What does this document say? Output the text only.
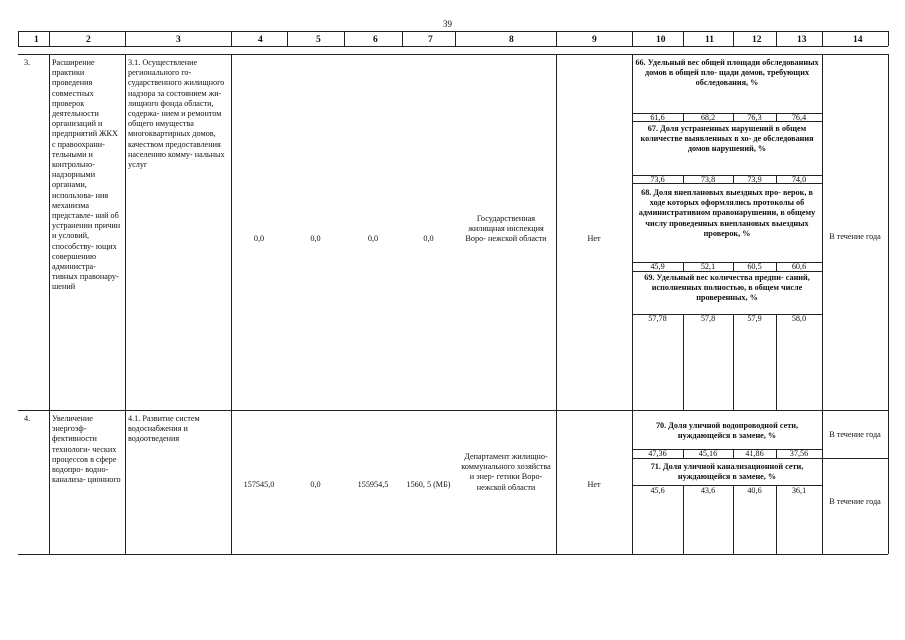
39
1	2	3	4	5	6	7	8	9	10	11	12	13	14
3.	Расширение практики проведения совместных проверок деятельности организаций и предприятий ЖКХ с правоохрани- тельными и контрольно- надзорными органами, использова- ния механизма представле- ний об устранении причин и условий, способству- ющих совершению администра- тивных правонару- шений
3.1. Осуществление регионального го- сударственного жилищного надзора за состоянием жи- лищного фонда области, содержа- нием и ремонтом общего имущества многоквартирных домов, качеством предоставления населению комму- нальных услуг
0,0	0,0	0,0	0,0
Государственная жилищная инспекция Воро- нежской области	Нет
66. Удельный вес общей площади обследованных домов в общей пло- щади домов, требующих обследования, %
61,6	68,2	76,3	76,4
67. Доля устраненных нарушений в общем количестве выявленных в хо- де обследования домов нарушений, %
73,6	73,8	73,9	74,0
68. Доля внеплановых выездных про- верок, в ходе которых оформлялись протоколы об административном правонарушении, в общему числу проведенных внеплановых выездных проверок, %
45,9	52,1	60,5	60,6
69. Удельный вес количества предпи- саний, исполненных полностью, в общем числе проверенных, %
57,78	57,8	57,9	58,0
В течение года
4.	Увеличение энергоэф- фективности технологи- ческих процессов в сфере водопро- водно- канализа- ционного
4.1. Развитие систем водоснабжения и водоотведения
157545,0	0,0	155954,5	1560, 5 (МБ)
Департамент жилищно- коммунального хозяйства и энер- гетики Воро- нежской области	Нет
70. Доля уличной водопроводной сети, нуждающейся в замене, %
47,36	45,16	41,86	37,56
В течение года
71. Доля уличной канализационной сети, нуждающейся в замене, %
45,6	43,6	40,6	36,1
В течение года
